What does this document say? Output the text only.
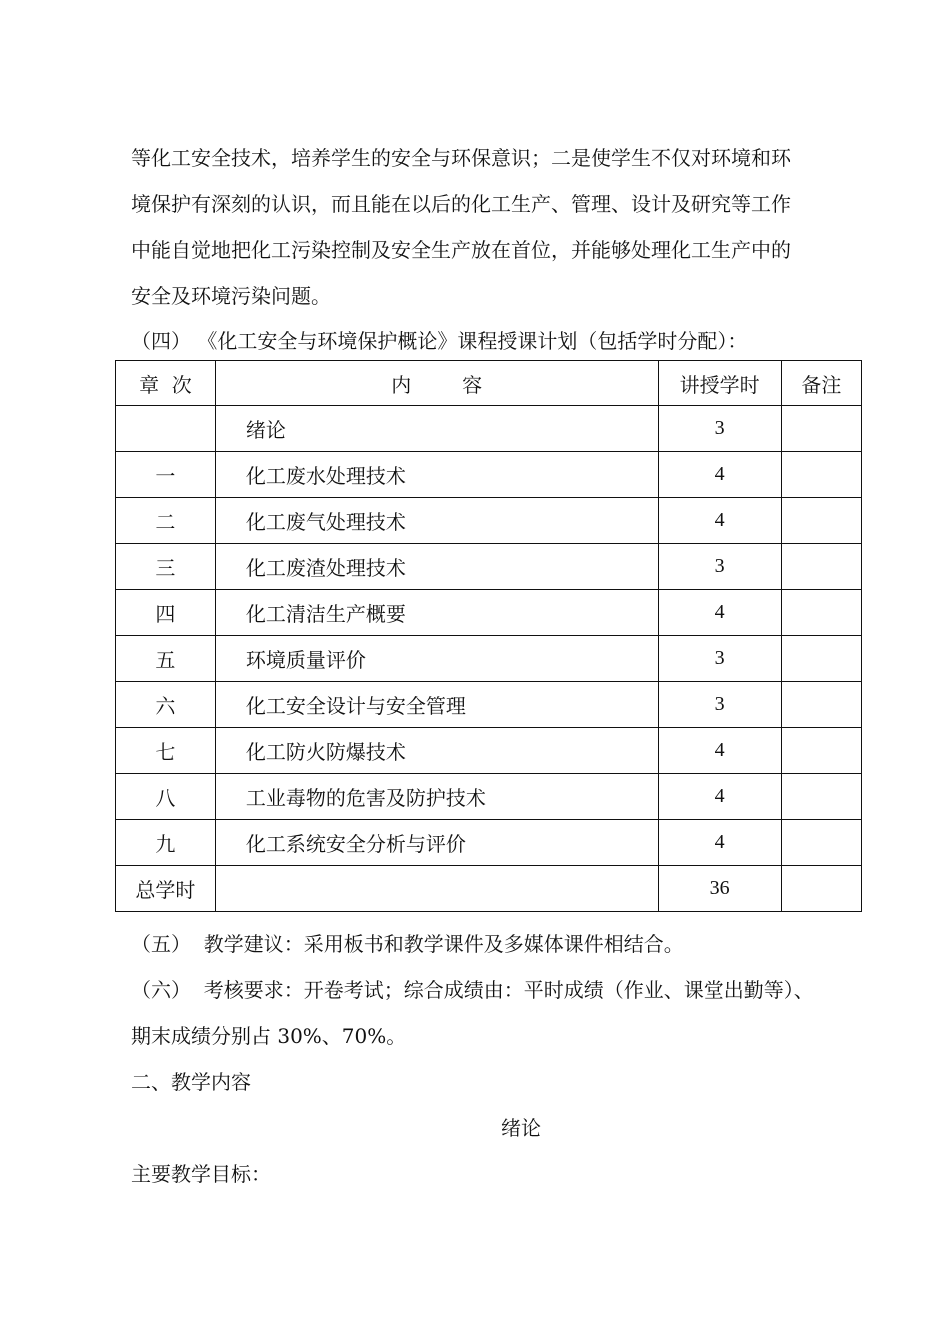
等化工安全技术，培养学生的安全与环保意识；二是使学生不仅对环境和环
境保护有深刻的认识，而且能在以后的化工生产、管理、设计及研究等工作
中能自觉地把化工污染控制及安全生产放在首位，并能够处理化工生产中的
安全及环境污染问题。
（四） 《化工安全与环境保护概论》课程授课计划（包括学时分配）：
章  次	内        容	讲授学时	备注
	绪论	3	
一	化工废水处理技术	4	
二	化工废气处理技术	4	
三	化工废渣处理技术	3	
四	化工清洁生产概要	4	
五	环境质量评价	3	
六	化工安全设计与安全管理	3	
七	化工防火防爆技术	4	
八	工业毒物的危害及防护技术	4	
九	化工系统安全分析与评价	4	
总学时		36	
（五）  教学建议：采用板书和教学课件及多媒体课件相结合。
（六）  考核要求：开卷考试；综合成绩由：平时成绩（作业、课堂出勤等）、
期末成绩分别占 30%、70%。
二、教学内容
绪论
主要教学目标：
